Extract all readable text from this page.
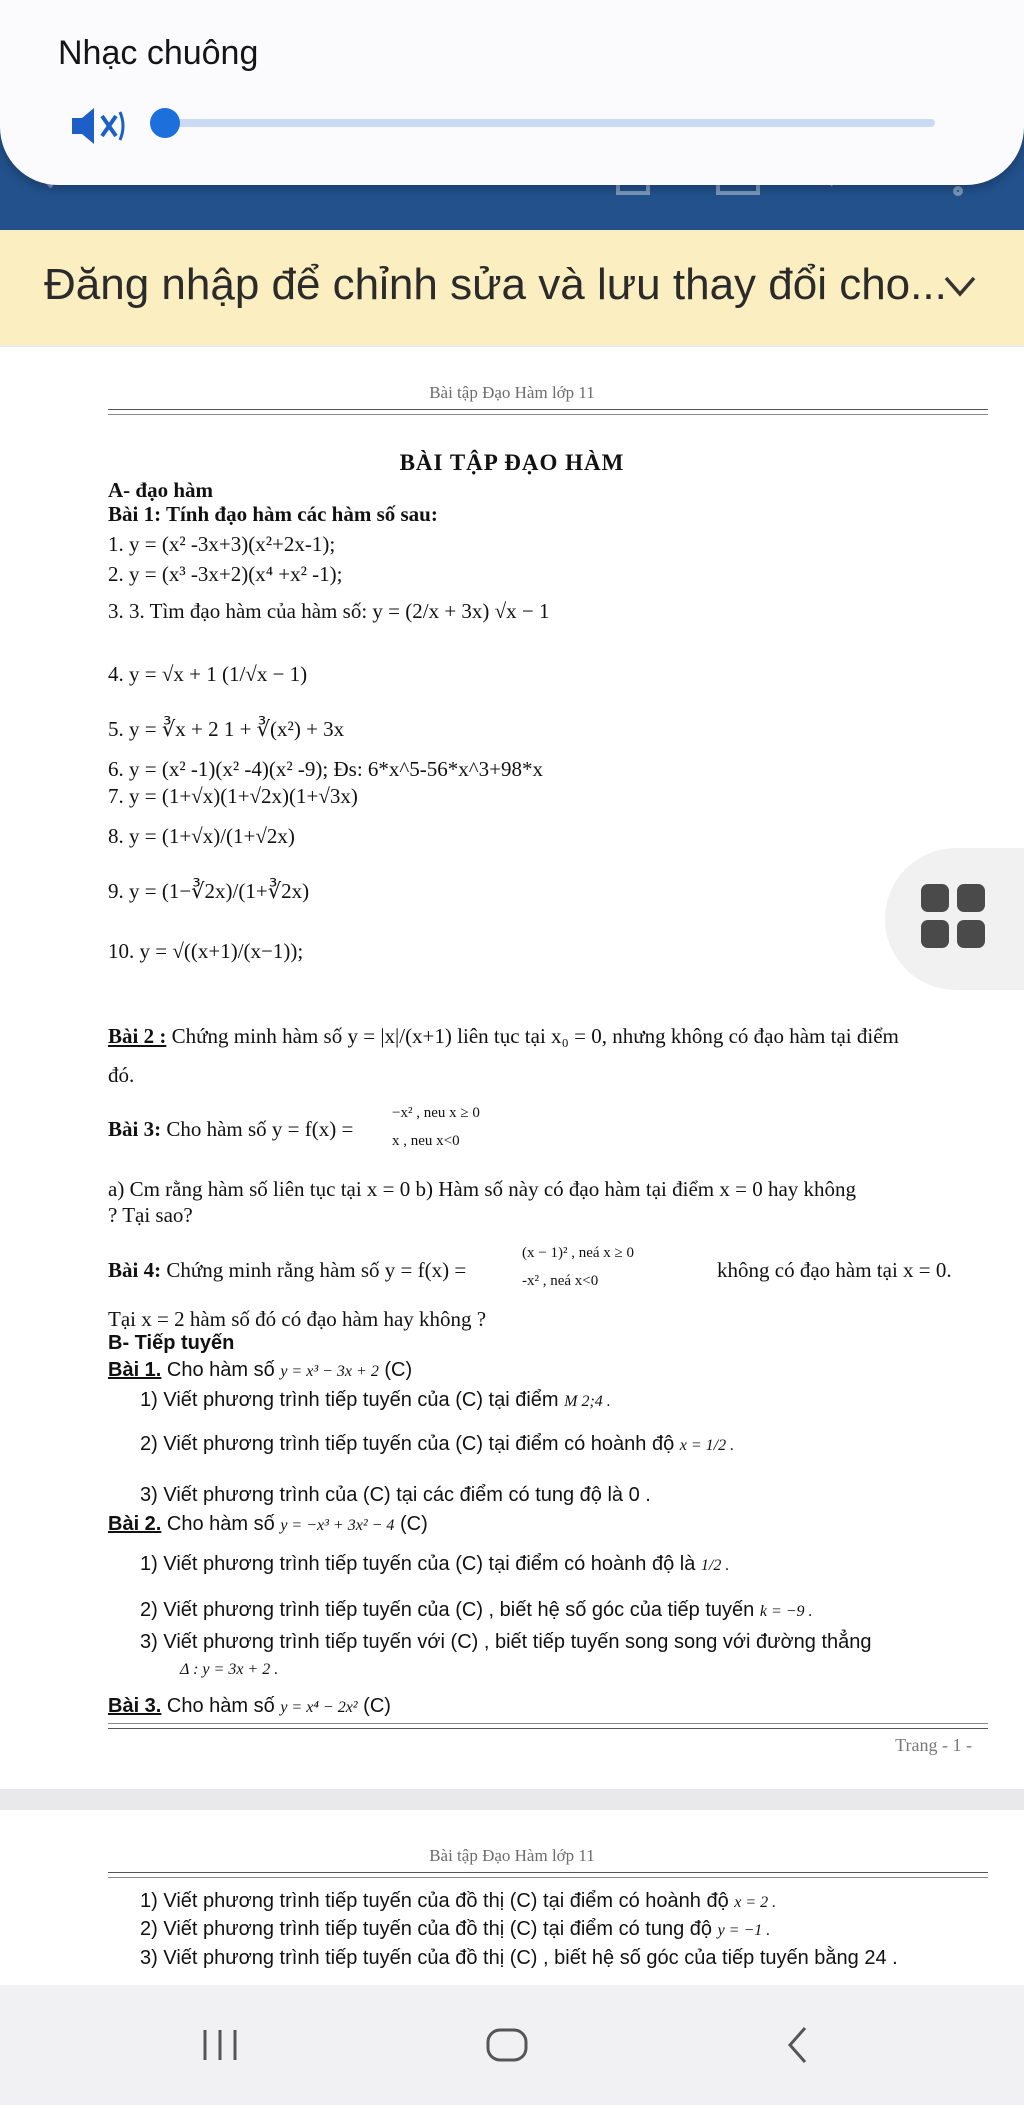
Nhạc chuông
Đăng nhập để chỉnh sửa và lưu thay đổi cho...
Bài tập Đạo Hàm lớp 11
BÀI TẬP ĐẠO HÀM
A- đạo hàm
Bài 1: Tính đạo hàm các hàm số sau:
1. y = (x² -3x+3)(x²+2x-1);
2. y = (x³ -3x+2)(x⁴ +x² -1);
3. 3. Tìm đạo hàm của hàm số: y = (2/x + 3x) √x − 1
4. y = √x + 1 (1/√x − 1)
5. y = ∛x + 2 1 + ∛(x²) + 3x
6. y = (x² -1)(x² -4)(x² -9); Đs: 6*x^5-56*x^3+98*x
7. y = (1+√x)(1+√2x)(1+√3x)
8. y = (1+√x)/(1+√2x)
9. y = (1−∛2x)/(1+∛2x)
10. y = √((x+1)/(x−1));
Bài 2 : Chứng minh hàm số y = |x|/(x+1) liên tục tại x₀ = 0, nhưng không có đạo hàm tại điểm
đó.
Bài 3: Cho hàm số y = f(x) =
−x² , neu x ≥ 0
x , neu x<0
a) Cm rằng hàm số liên tục tại x = 0 b) Hàm số này có đạo hàm tại điểm x = 0 hay không
? Tại sao?
Bài 4: Chứng minh rằng hàm số y = f(x) =
(x − 1)² , neá x ≥ 0
-x² , neá x<0	không có đạo hàm tại x = 0.
Tại x = 2 hàm số đó có đạo hàm hay không ?
B- Tiếp tuyến
Bài 1. Cho hàm số y = x³ − 3x + 2 (C)
1) Viết phương trình tiếp tuyến của (C) tại điểm M 2;4 .
2) Viết phương trình tiếp tuyến của (C) tại điểm có hoành độ x = 1/2 .
3) Viết phương trình của (C) tại các điểm có tung độ là 0 .
Bài 2. Cho hàm số y = −x³ + 3x² − 4 (C)
1) Viết phương trình tiếp tuyến của (C) tại điểm có hoành độ là 1/2 .
2) Viết phương trình tiếp tuyến của (C) , biết hệ số góc của tiếp tuyến k = −9 .
3) Viết phương trình tiếp tuyến với (C) , biết tiếp tuyến song song với đường thẳng
Δ : y = 3x + 2 .
Bài 3. Cho hàm số y = x⁴ − 2x² (C)
Trang - 1 -
Bài tập Đạo Hàm lớp 11
1) Viết phương trình tiếp tuyến của đồ thị (C) tại điểm có hoành độ x = 2 .
2) Viết phương trình tiếp tuyến của đồ thị (C) tại điểm có tung độ y = −1 .
3) Viết phương trình tiếp tuyến của đồ thị (C) , biết hệ số góc của tiếp tuyến bằng 24 .
